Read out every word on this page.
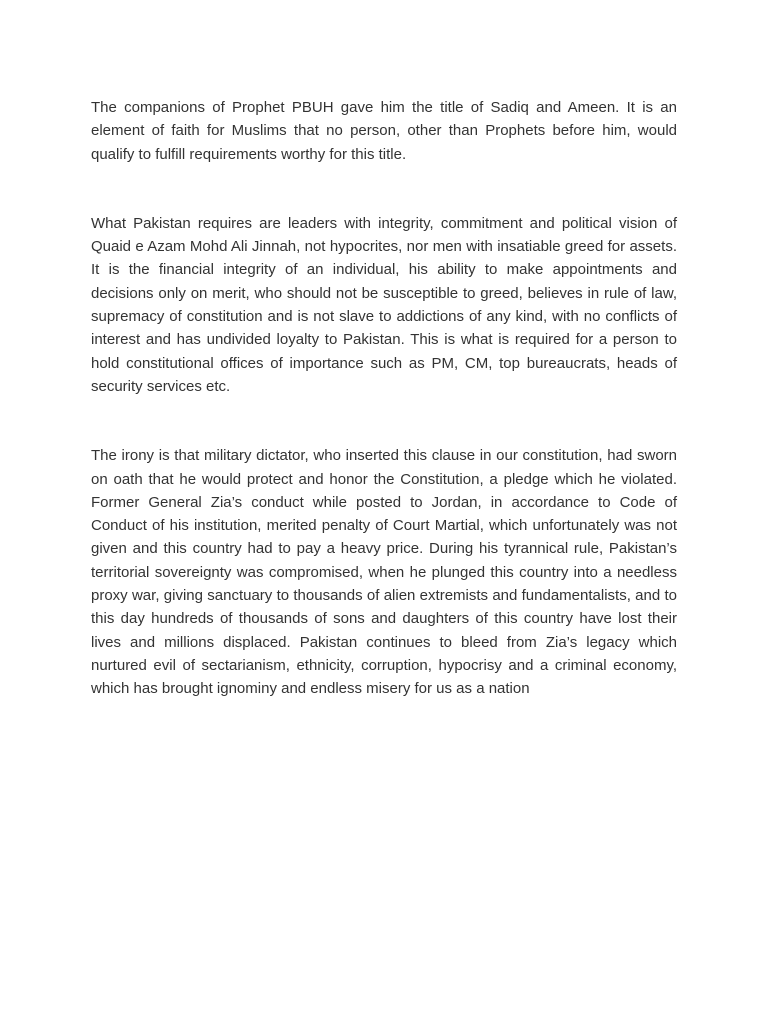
The companions of Prophet PBUH gave him the title of Sadiq and Ameen. It is an element of faith for Muslims that no person, other than Prophets before him, would qualify to fulfill requirements worthy for this title.

What Pakistan requires are leaders with integrity, commitment and political vision of Quaid e Azam Mohd Ali Jinnah, not hypocrites, nor men with insatiable greed for assets. It is the financial integrity of an individual, his ability to make appointments and decisions only on merit, who should not be susceptible to greed, believes in rule of law, supremacy of constitution and is not slave to addictions of any kind, with no conflicts of interest and has undivided loyalty to Pakistan. This is what is required for a person to hold constitutional offices of importance such as PM, CM, top bureaucrats, heads of security services etc.

The irony is that military dictator, who inserted this clause in our constitution, had sworn on oath that he would protect and honor the Constitution, a pledge which he violated. Former General Zia’s conduct while posted to Jordan, in accordance to Code of Conduct of his institution, merited penalty of Court Martial, which unfortunately was not given and this country had to pay a heavy price. During his tyrannical rule, Pakistan’s territorial sovereignty was compromised, when he plunged this country into a needless proxy war, giving sanctuary to thousands of alien extremists and fundamentalists, and to this day hundreds of thousands of sons and daughters of this country have lost their lives and millions displaced. Pakistan continues to bleed from Zia’s legacy which nurtured evil of sectarianism, ethnicity, corruption, hypocrisy and a criminal economy, which has brought ignominy and endless misery for us as a nation
